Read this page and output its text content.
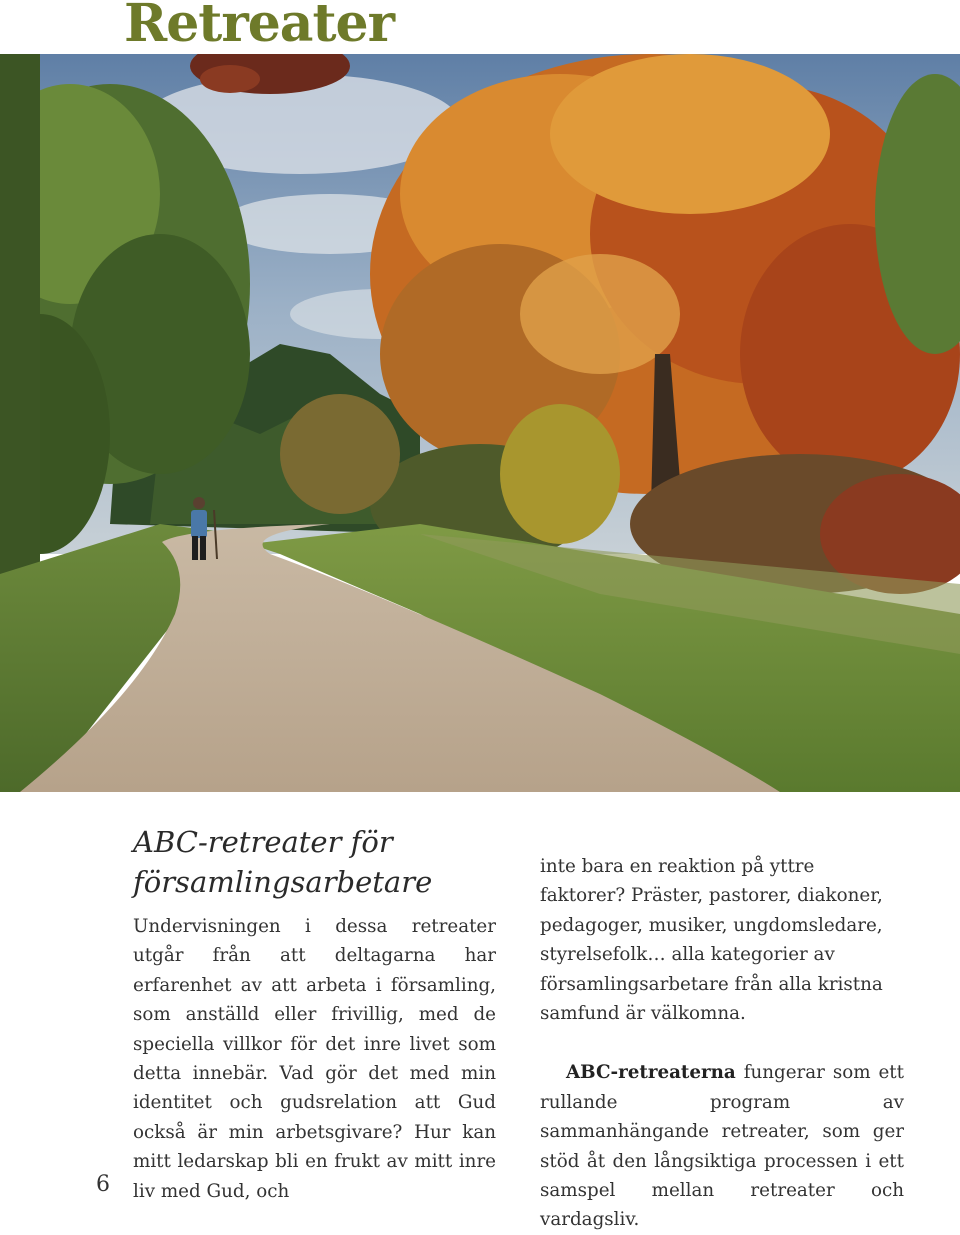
Retreater
ABC-retreater för
församlingsarbetare

Undervisningen i dessa retreater utgår från att deltagarna har erfarenhet av att arbeta i församling, som anställd eller frivillig, med de speciella villkor för det inre livet som detta innebär. Vad gör det med min identitet och gudsrelation att Gud också är min arbetsgivare? Hur kan mitt ledarskap bli en frukt av mitt inre liv med Gud, och

inte bara en reaktion på yttre faktorer? Präster, pastorer, diakoner, pedagoger, musiker, ungdomsledare, styrelsefolk… alla kategorier av församlingsarbetare från alla kristna samfund är välkomna.

ABC-retreaterna fungerar som ett rullande program av sammanhängande retreater, som ger stöd åt den långsiktiga processen i ett samspel mellan retreater och vardagsliv.

6
